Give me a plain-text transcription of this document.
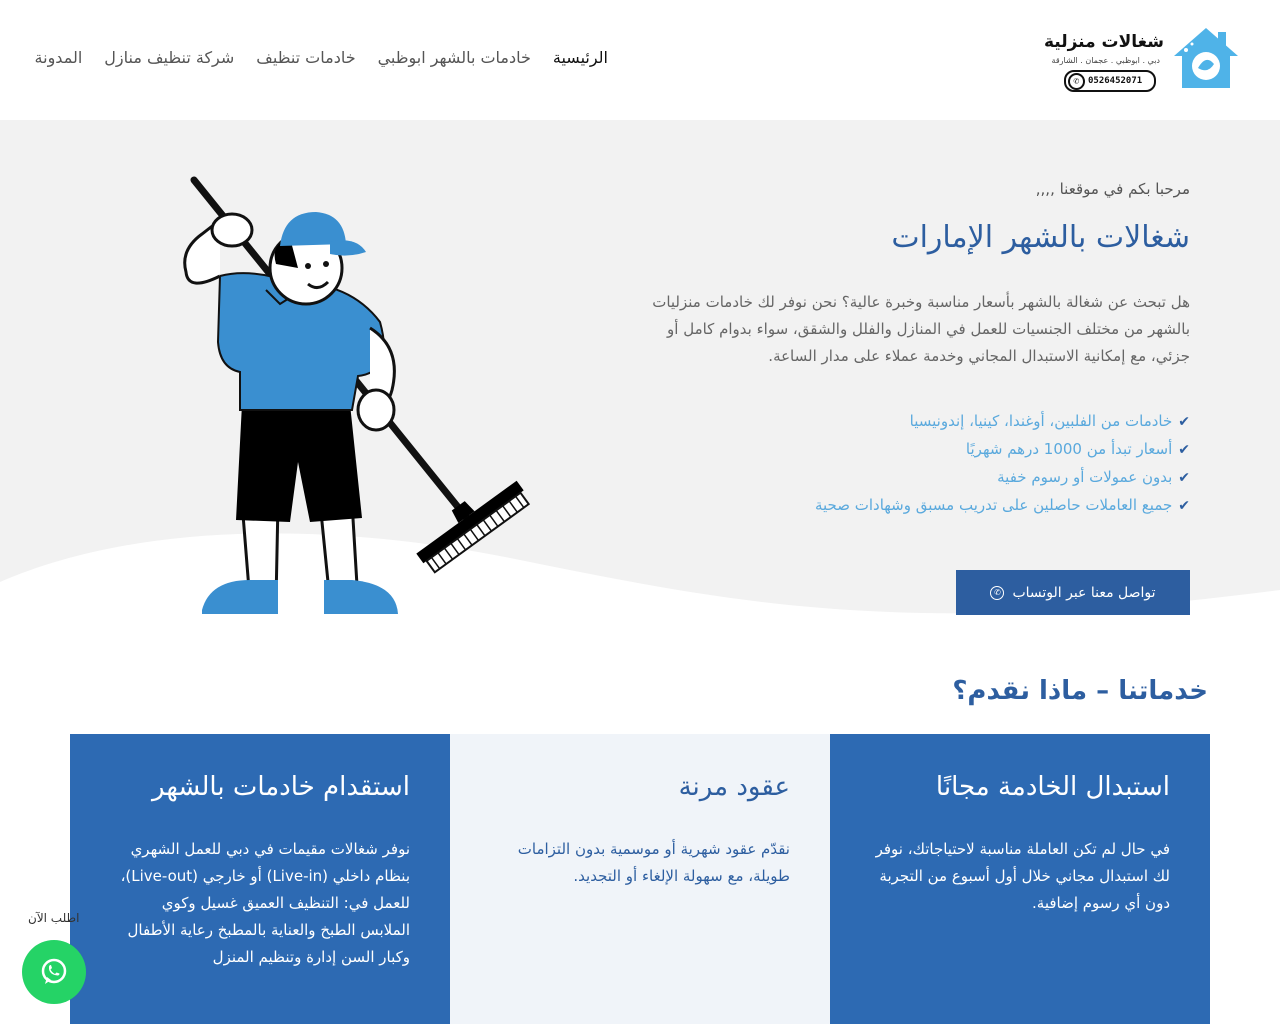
شغالات منزلية
دبي . ابوظبي . عجمان . الشارقة
✆ 0526452071
الرئيسية
خادمات بالشهر ابوظبي
خادمات تنظيف
شركة تنظيف منازل
المدونة

مرحبا بكم في موقعنا ,,,,

شغالات بالشهر الإمارات

هل تبحث عن شغالة بالشهر بأسعار مناسبة وخبرة عالية؟ نحن نوفر لك خادمات منزليات بالشهر من مختلف الجنسيات للعمل في المنازل والفلل والشقق، سواء بدوام كامل أو جزئي، مع إمكانية الاستبدال المجاني وخدمة عملاء على مدار الساعة.

✔خادمات من الفلبين، أوغندا، كينيا، إندونيسيا
✔أسعار تبدأ من 1000 درهم شهريًا
✔بدون عمولات أو رسوم خفية
✔جميع العاملات حاصلين على تدريب مسبق وشهادات صحية
تواصل معنا عبر الوتساب
✆
خدماتنا – ماذا نقدم؟
استبدال الخادمة مجانًا

في حال لم تكن العاملة مناسبة لاحتياجاتك، نوفر لك استبدال مجاني خلال أول أسبوع من التجربة دون أي رسوم إضافية.

عقود مرنة

نقدّم عقود شهرية أو موسمية بدون التزامات طويلة، مع سهولة الإلغاء أو التجديد.

استقدام خادمات بالشهر

نوفر شغالات مقيمات في دبي للعمل الشهري بنظام داخلي (Live-in) أو خارجي (Live-out)، للعمل في: التنظيف العميق غسيل وكوي الملابس الطبخ والعناية بالمطبخ رعاية الأطفال وكبار السن إدارة وتنظيم المنزل

اطلب الآن
